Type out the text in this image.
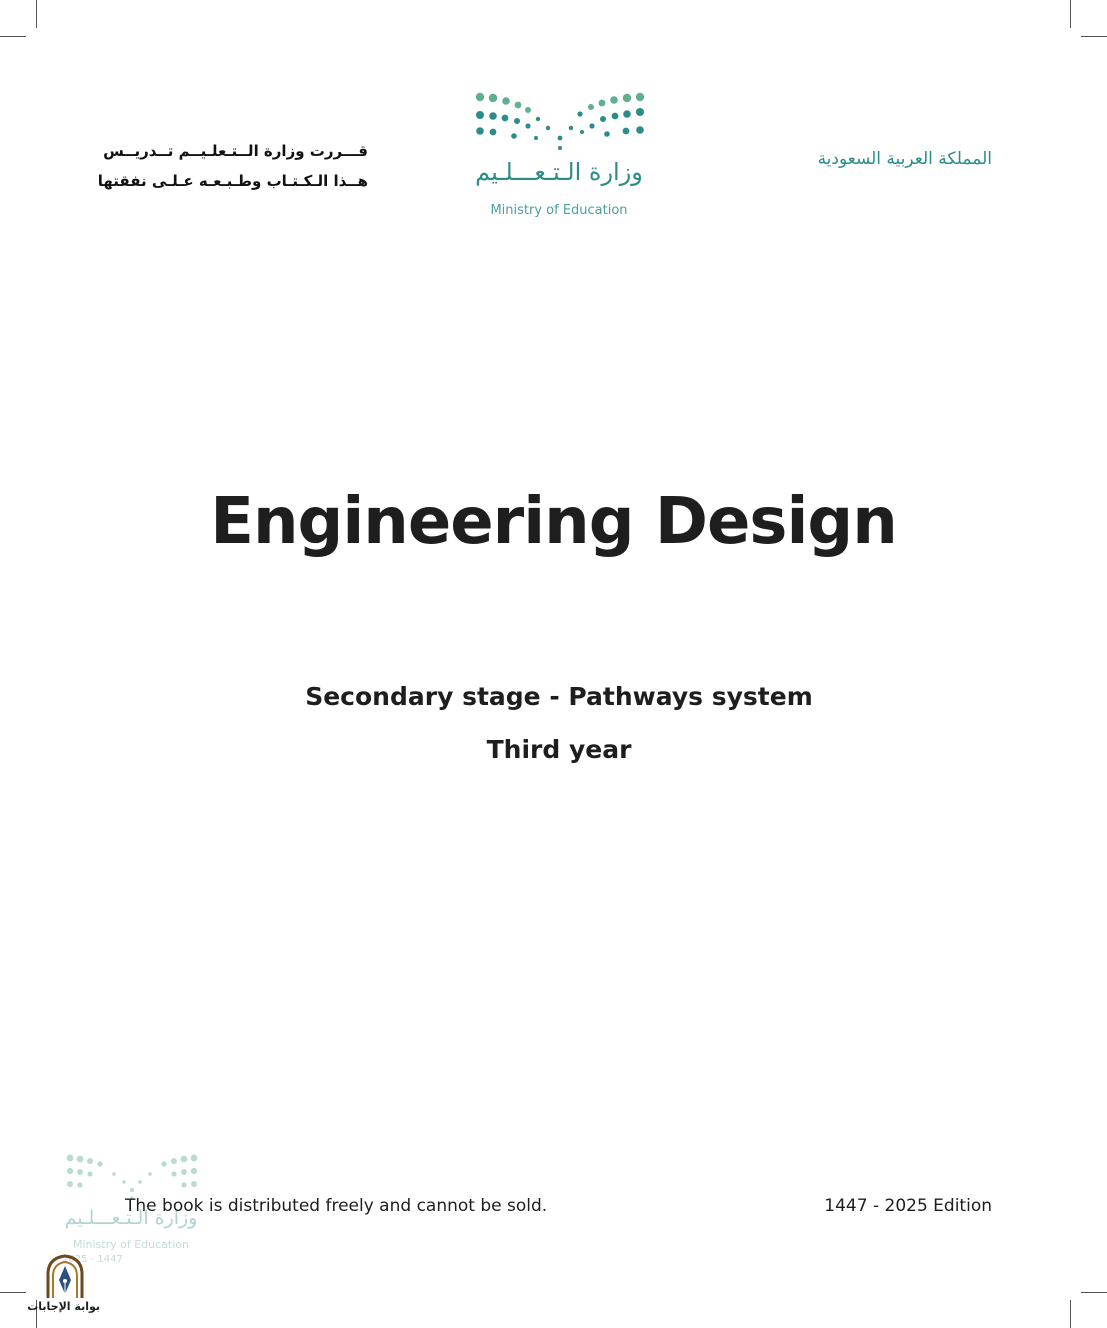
قـــررت وزارة الــتـعلـيــم تــدريــس
هــذا الـكـتـاب وطـبـعـه عـلـى نفقتها	وزارة الـتـعـــلـيم
Ministry of Education
المملكة العربية السعودية
Engineering Design
Secondary stage - Pathways system
Third year
وزارة الـتـعـــلـيم
Ministry of Education
2025 - 1447
The book is distributed freely and cannot be sold.	1447 - 2025 Edition
بوابة الإجابات
